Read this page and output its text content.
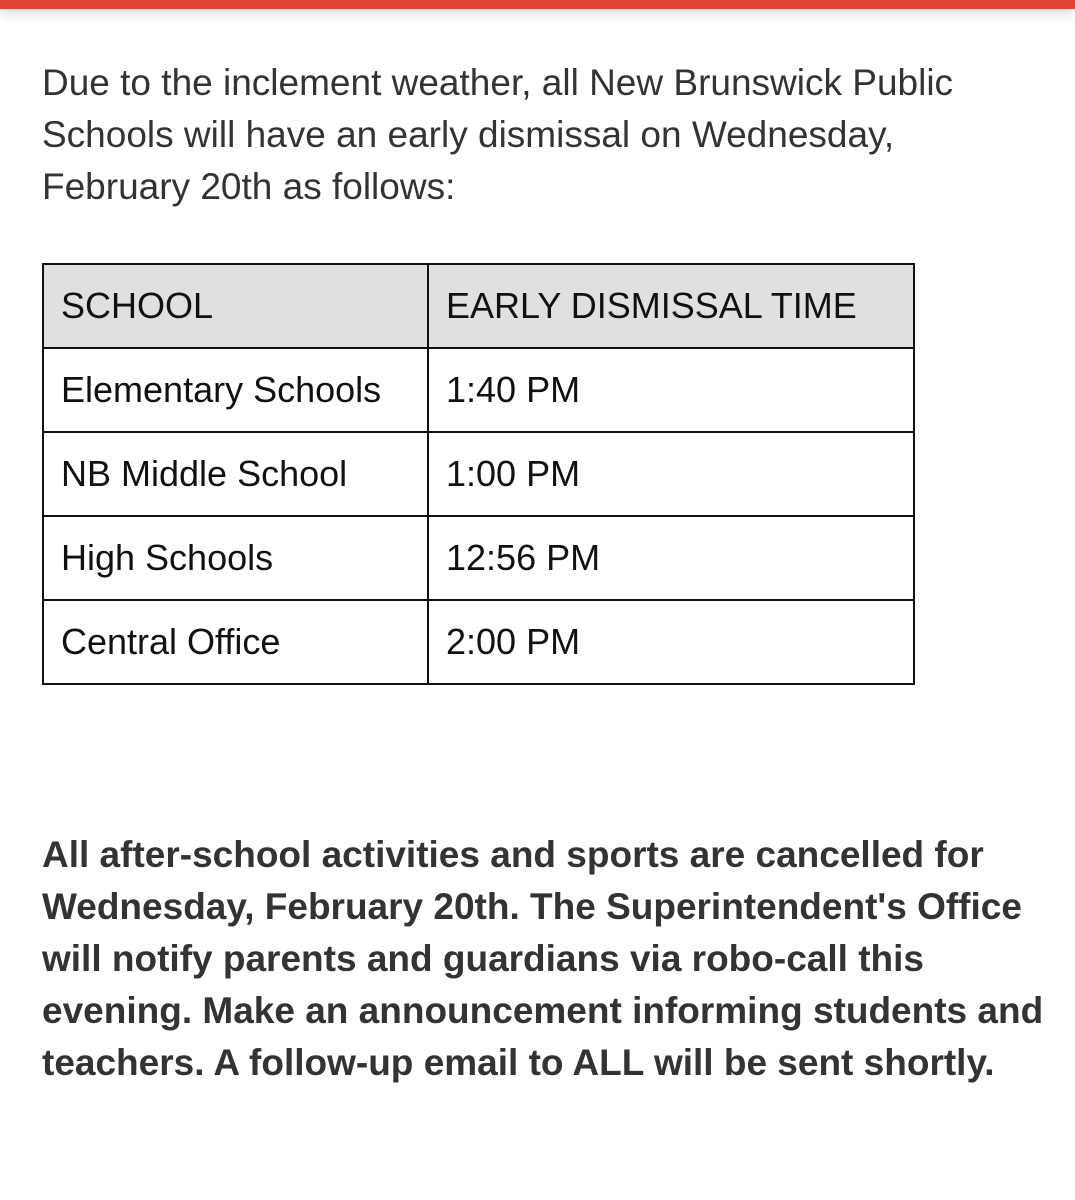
Due to the inclement weather, all New Brunswick Public Schools will have an early dismissal on Wednesday, February 20th as follows:

SCHOOL	EARLY DISMISSAL TIME
Elementary Schools	1:40 PM
NB Middle School	1:00 PM
High Schools	12:56 PM
Central Office	2:00 PM

All after-school activities and sports are cancelled for Wednesday, February 20th. The Superintendent's Office will notify parents and guardians via robo-call this evening. Make an announcement informing students and teachers. A follow-up email to ALL will be sent shortly.
